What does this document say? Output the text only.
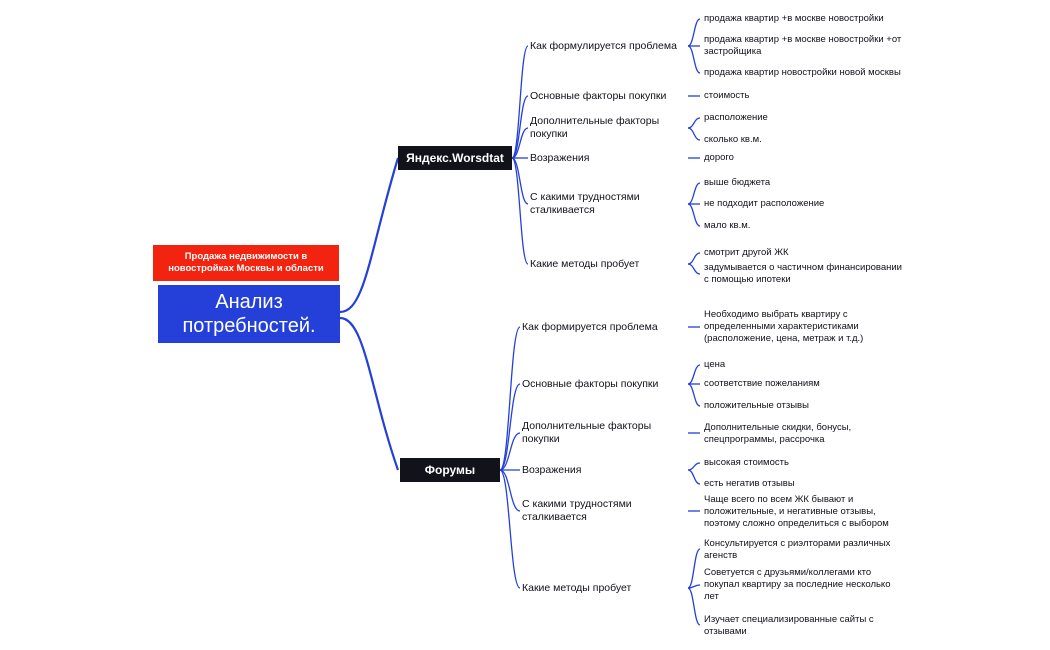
Продажа недвижимости в новостройках Москвы и области
Анализ потребностей.
Яндекс.Worsdtat
Как формулируется проблема
Основные факторы покупки
Дополнительные факторы покупки
Возражения
С какими трудностями сталкивается
Какие методы пробует
продажа квартир +в москве новостройки
продажа квартир +в москве новостройки +от застройщика
продажа квартир новостройки новой москвы
стоимость
расположение
сколько кв.м.
дорого
выше бюджета
не подходит расположение
мало кв.м.
смотрит другой ЖК
задумывается о частичном финансировании с помощью ипотеки
Форумы
Как формируется проблема
Основные факторы покупки
Дополнительные факторы покупки
Возражения
С какими трудностями сталкивается
Какие методы пробует
Необходимо выбрать квартиру с определенными характеристиками (расположение, цена, метраж и т.д.)
цена
соответствие пожеланиям
положительные отзывы
Дополнительные скидки, бонусы, спецпрограммы, рассрочка
высокая стоимость
есть негатив отзывы
Чаще всего по всем ЖК бывают и положительные, и негативные отзывы, поэтому сложно определиться с выбором
Консультируется с риэлторами различных агенств
Советуется с друзьями/коллегами кто покупал квартиру за последние несколько лет
Изучает специализированные сайты с отзывами
